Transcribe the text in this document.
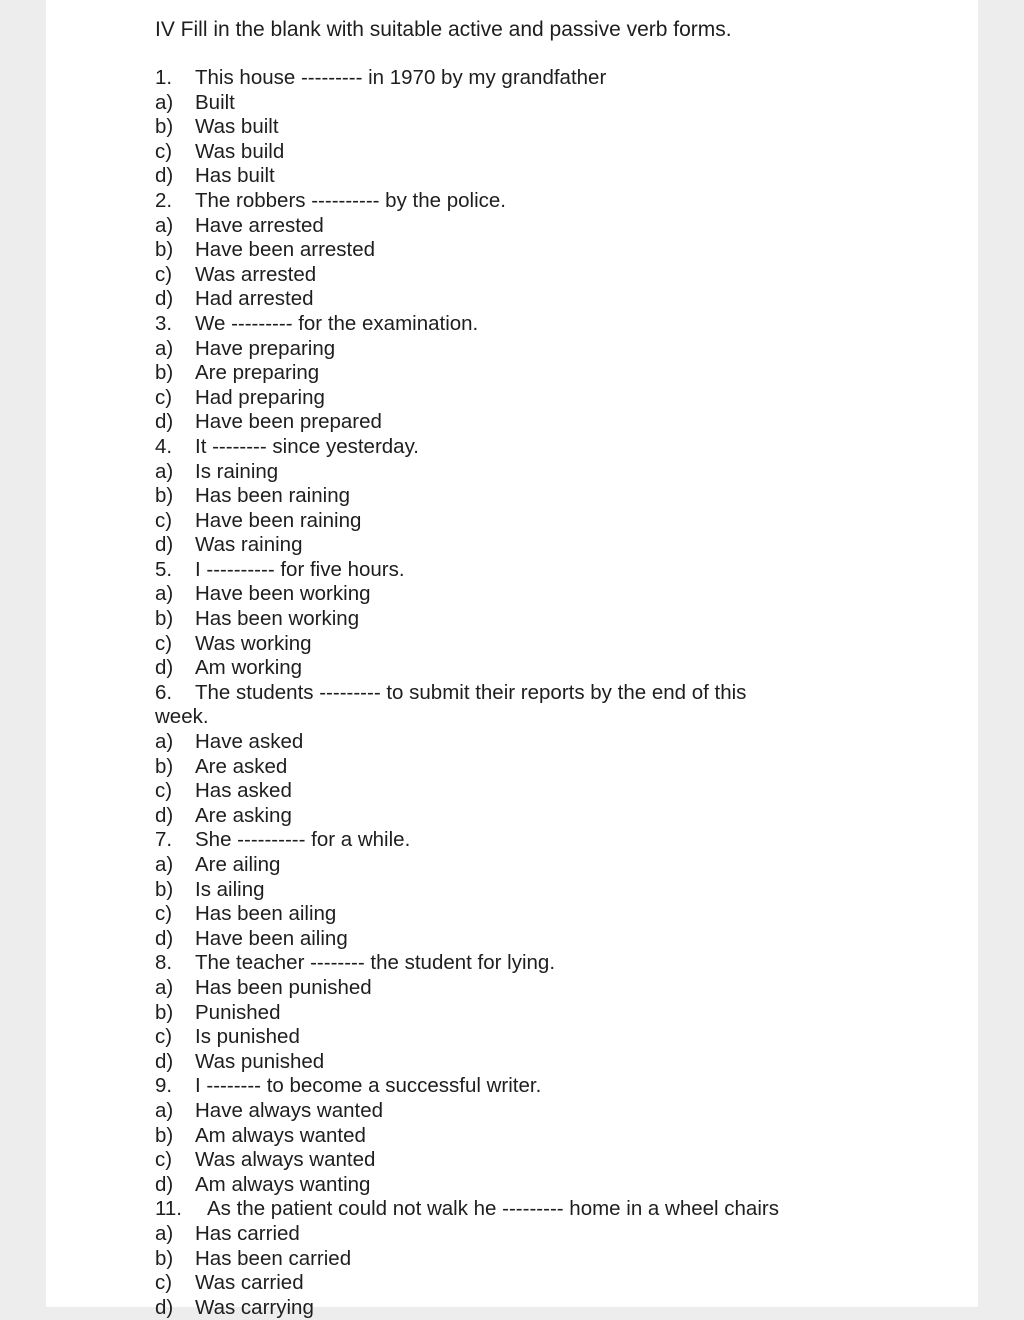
IV Fill in the blank with suitable active and passive verb forms.
1. This house --------- in 1970 by my grandfather
a) Built
b) Was built
c) Was build
d) Has built
2. The robbers ---------- by the police.
a) Have arrested
b) Have been arrested
c) Was arrested
d) Had arrested
3. We --------- for the examination.
a) Have preparing
b) Are preparing
c) Had preparing
d) Have been prepared
4. It -------- since yesterday.
a) Is raining
b) Has been raining
c) Have been raining
d) Was raining
5. I ---------- for five hours.
a) Have been working
b) Has been working
c) Was working
d) Am working
6. The students --------- to submit their reports by the end of this
week.
a) Have asked
b) Are asked
c) Has asked
d) Are asking
7. She ---------- for a while.
a) Are ailing
b) Is ailing
c) Has been ailing
d) Have been ailing
8. The teacher -------- the student for lying.
a) Has been punished
b) Punished
c) Is punished
d) Was punished
9. I -------- to become a successful writer.
a) Have always wanted
b) Am always wanted
c) Was always wanted
d) Am always wanting
11. As the patient could not walk he --------- home in a wheel chairs
a) Has carried
b) Has been carried
c) Was carried
d) Was carrying
